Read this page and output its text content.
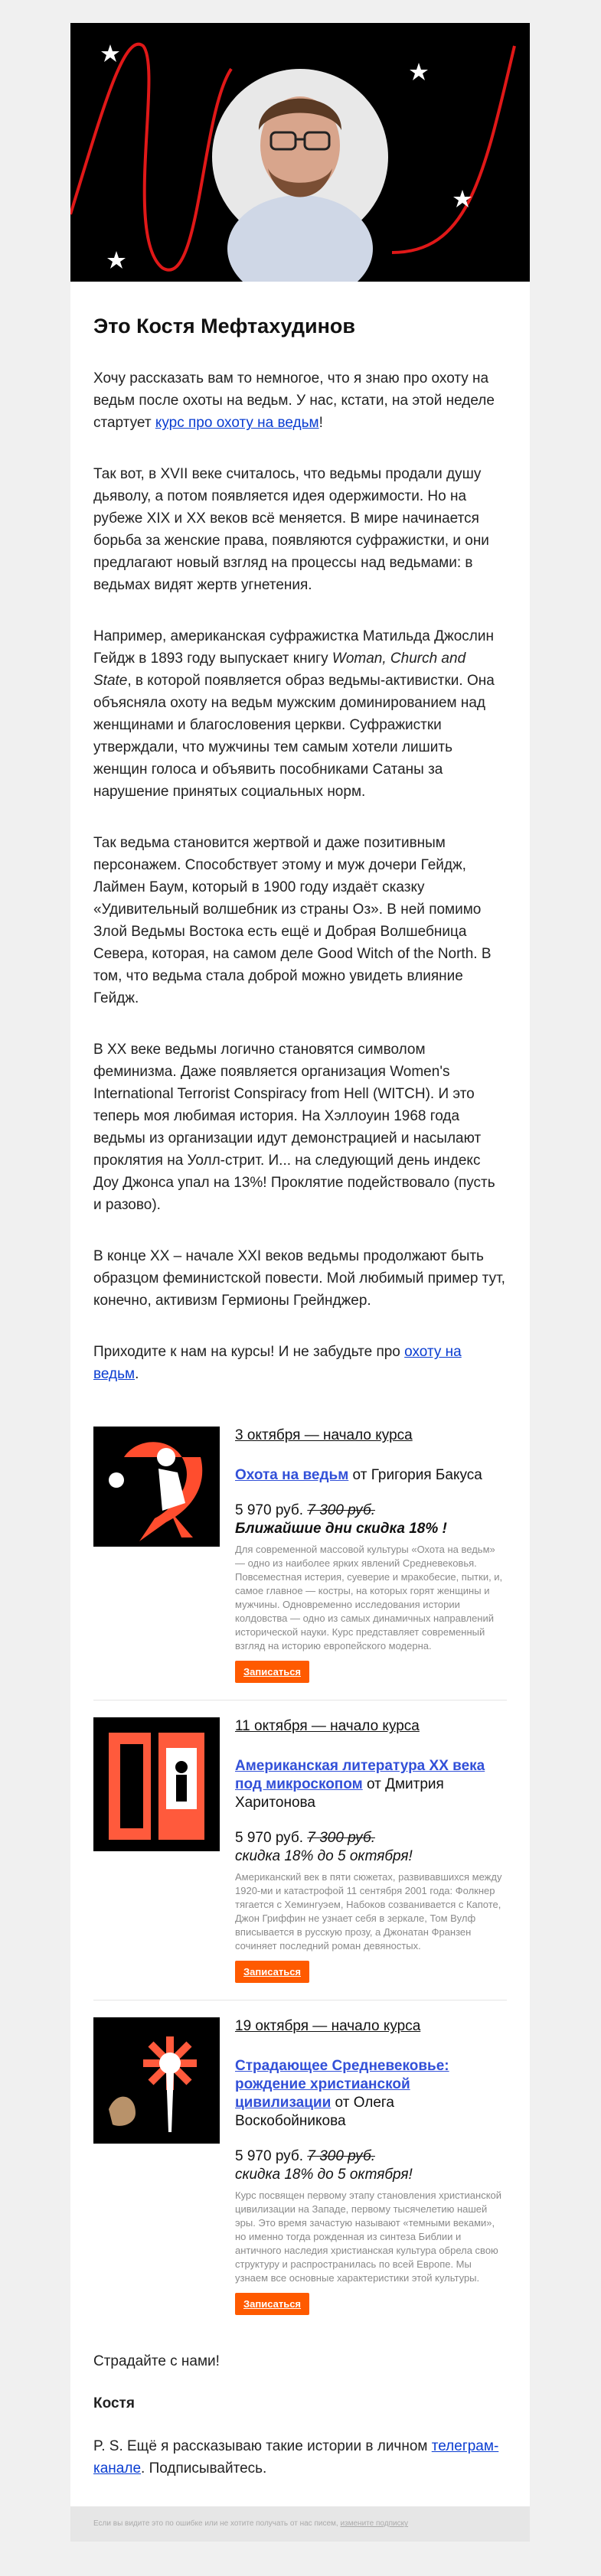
Это Костя Мефтахудинов

Хочу рассказать вам то немногое, что я знаю про охоту на ведьм после охоты на ведьм. У нас, кстати, на этой неделе стартует курс про охоту на ведьм!

Так вот, в XVII веке считалось, что ведьмы продали душу дьяволу, а потом появляется идея одержимости. Но на рубеже XIX и XX веков всё меняется. В мире начинается борьба за женские права, появляются суфражистки, и они предлагают новый взгляд на процессы над ведьмами: в ведьмах видят жертв угнетения.

Например, американская суфражистка Матильда Джослин Гейдж в 1893 году выпускает книгу Woman, Church and State, в которой появляется образ ведьмы-активистки. Она объясняла охоту на ведьм мужским доминированием над женщинами и благословения церкви. Суфражистки утверждали, что мужчины тем самым хотели лишить женщин голоса и объявить пособниками Сатаны за нарушение принятых социальных норм.

Так ведьма становится жертвой и даже позитивным персонажем. Способствует этому и муж дочери Гейдж, Лаймен Баум, который в 1900 году издаёт сказку «Удивительный волшебник из страны Оз». В ней помимо Злой Ведьмы Востока есть ещё и Добрая Волшебница Севера, которая, на самом деле Good Witch of the North. В том, что ведьма стала доброй можно увидеть влияние Гейдж.

В XX веке ведьмы логично становятся символом феминизма. Даже появляется организация Women's International Terrorist Conspiracy from Hell (WITCH). И это теперь моя любимая история. На Хэллоуин 1968 года ведьмы из организации идут демонстрацией и насылают проклятия на Уолл-стрит. И... на следующий день индекс Доу Джонса упал на 13%! Проклятие подействовало (пусть и разово).

В конце XX – начале XXI веков ведьмы продолжают быть образцом феминистской повести. Мой любимый пример тут, конечно, активизм Гермионы Грейнджер.

Приходите к нам на курсы! И не забудьте про охоту на ведьм.

3 октября — начало курса
Охота на ведьм от Григория Бакуса
5 970 руб. 7 300 руб.
Ближайшие дни скидка 18% !
Для современной массовой культуры «Охота на ведьм» — одно из наиболее ярких явлений Средневековья. Повсеместная истерия, суеверие и мракобесие, пытки, и, самое главное — костры, на которых горят женщины и мужчины. Одновременно исследования истории колдовства — одно из самых динамичных направлений исторической науки. Курс представляет современный взгляд на историю европейского модерна.
Записаться
11 октября — начало курса
Американская литература XX века под микроскопом от Дмитрия Харитонова
5 970 руб. 7 300 руб.
скидка 18% до 5 октября!
Американский век в пяти сюжетах, развивавшихся между 1920-ми и катастрофой 11 сентября 2001 года: Фолкнер тягается с Хемингуэем, Набоков созванивается с Капоте, Джон Гриффин не узнает себя в зеркале, Том Вулф вписывается в русскую прозу, а Джонатан Франзен сочиняет последний роман девяностых.
Записаться
19 октября — начало курса
Страдающее Средневековье: рождение христианской цивилизации от Олега Воскобойникова
5 970 руб. 7 300 руб.
скидка 18% до 5 октября!
Курс посвящен первому этапу становления христианской цивилизации на Западе, первому тысячелетию нашей эры. Это время зачастую называют «темными веками», но именно тогда рожденная из синтеза Библии и античного наследия христианская культура обрела свою структуру и распространилась по всей Европе. Мы узнаем все основные характеристики этой культуры.
Записаться
Страдайте с нами!
Костя

P. S. Ещё я рассказываю такие истории в личном телеграм-канале. Подписывайтесь.

Если вы видите это по ошибке или не хотите получать от нас писем, измените подписку
